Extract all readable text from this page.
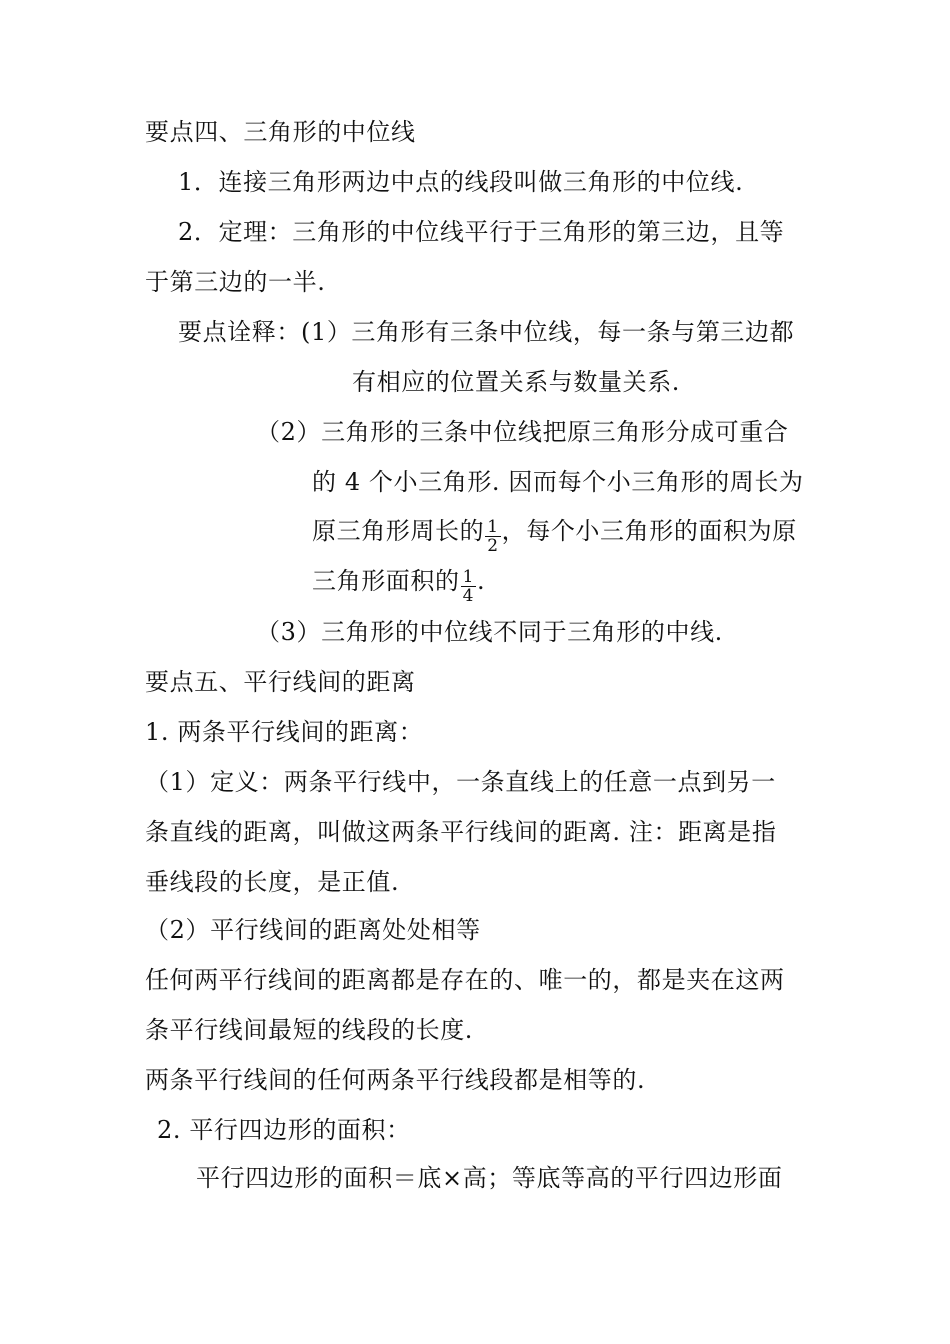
要点四、三角形的中位线
1．连接三角形两边中点的线段叫做三角形的中位线.
2．定理：三角形的中位线平行于三角形的第三边，且等
于第三边的一半.
要点诠释：(1）三角形有三条中位线，每一条与第三边都
有相应的位置关系与数量关系.
（2）三角形的三条中位线把原三角形分成可重合
的 4 个小三角形. 因而每个小三角形的周长为
原三角形周长的 $\frac{1}{2}$ ，每个小三角形的面积为原
三角形面积的 $\frac{1}{4}$ .
（3）三角形的中位线不同于三角形的中线.
要点五、平行线间的距离
1. 两条平行线间的距离：
（1）定义：两条平行线中，一条直线上的任意一点到另一
条直线的距离，叫做这两条平行线间的距离. 注：距离是指
垂线段的长度，是正值.
（2）平行线间的距离处处相等
任何两平行线间的距离都是存在的、唯一的，都是夹在这两
条平行线间最短的线段的长度.
两条平行线间的任何两条平行线段都是相等的.
2. 平行四边形的面积：
平行四边形的面积＝底×高；等底等高的平行四边形面
